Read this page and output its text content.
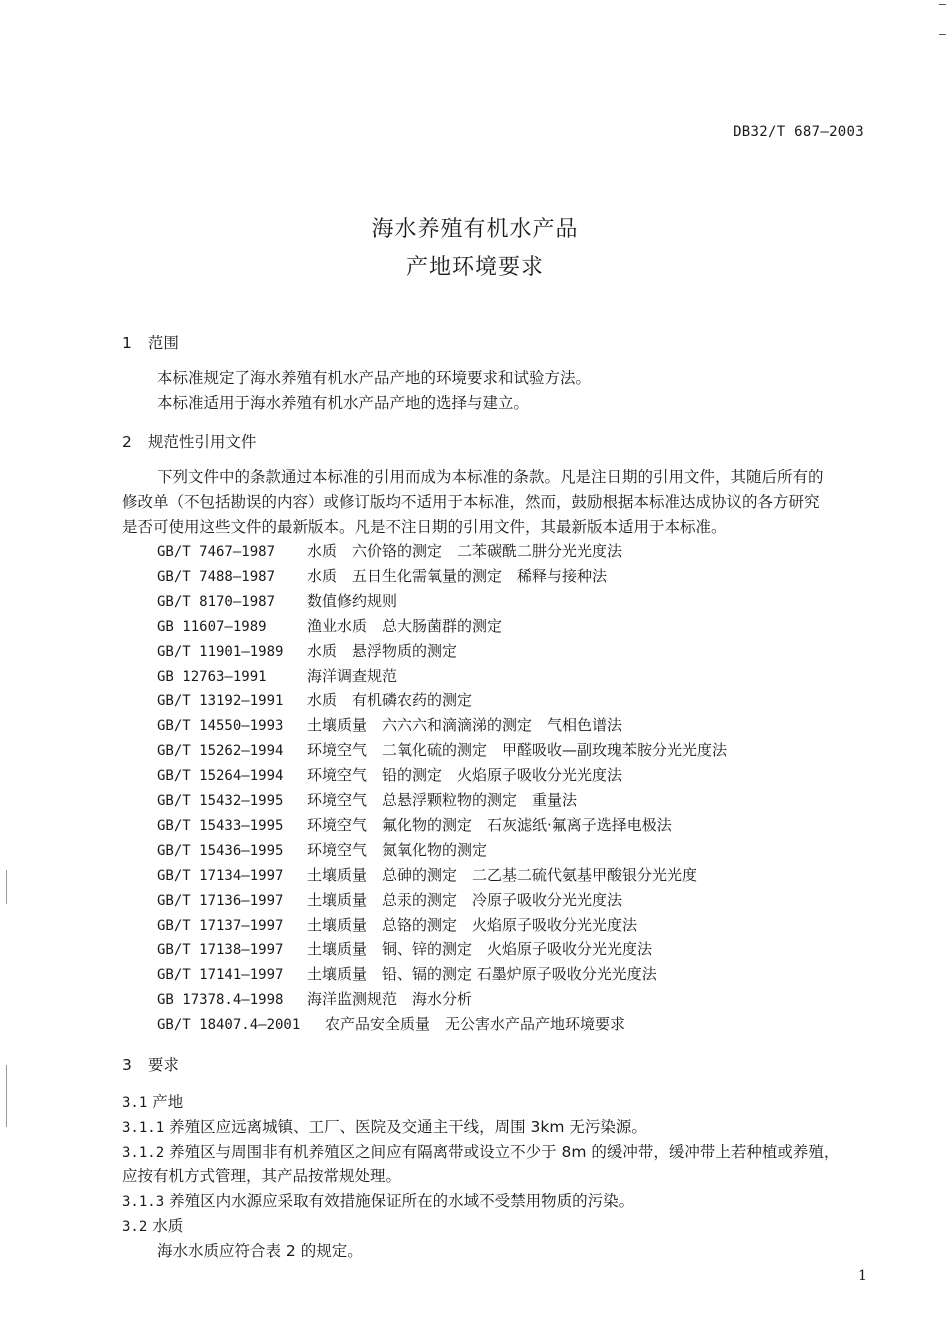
DB32/T 687—2003
海水养殖有机水产品
产地环境要求
1 范围
本标准规定了海水养殖有机水产品产地的环境要求和试验方法。
本标准适用于海水养殖有机水产品产地的选择与建立。
2 规范性引用文件
下列文件中的条款通过本标准的引用而成为本标准的条款。凡是注日期的引用文件，其随后所有的
修改单（不包括勘误的内容）或修订版均不适用于本标准，然而，鼓励根据本标准达成协议的各方研究
是否可使用这些文件的最新版本。凡是不注日期的引用文件，其最新版本适用于本标准。
GB/T 7467—1987 水质　六价铬的测定　二苯碳酰二肼分光光度法
GB/T 7488—1987 水质　五日生化需氧量的测定　稀释与接种法
GB/T 8170—1987 数值修约规则
GB 11607—1989	渔业水质　总大肠菌群的测定
GB/T 11901—1989 水质　悬浮物质的测定
GB 12763—1991	海洋调查规范
GB/T 13192—1991 水质　有机磷农药的测定
GB/T 14550—1993 土壤质量　六六六和滴滴涕的测定　气相色谱法
GB/T 15262—1994 环境空气　二氧化硫的测定　甲醛吸收—副玫瑰苯胺分光光度法
GB/T 15264—1994 环境空气　铅的测定　火焰原子吸收分光光度法
GB/T 15432—1995 环境空气　总悬浮颗粒物的测定　重量法
GB/T 15433—1995 环境空气　氟化物的测定　石灰滤纸·氟离子选择电极法
GB/T 15436—1995 环境空气　氮氧化物的测定
GB/T 17134—1997 土壤质量　总砷的测定　二乙基二硫代氨基甲酸银分光光度
GB/T 17136—1997 土壤质量　总汞的测定　冷原子吸收分光光度法
GB/T 17137—1997 土壤质量　总铬的测定　火焰原子吸收分光光度法
GB/T 17138—1997 土壤质量　铜、锌的测定　火焰原子吸收分光光度法
GB/T 17141—1997 土壤质量　铅、镉的测定 石墨炉原子吸收分光光度法
GB 17378.4—1998 海洋监测规范　海水分析
GB/T 18407.4—2001 农产品安全质量　无公害水产品产地环境要求
3 要求
3.1 产地
3.1.1 养殖区应远离城镇、工厂、医院及交通主干线，周围 3km 无污染源。
3.1.2 养殖区与周围非有机养殖区之间应有隔离带或设立不少于 8m 的缓冲带，缓冲带上若种植或养殖，
应按有机方式管理，其产品按常规处理。
3.1.3 养殖区内水源应采取有效措施保证所在的水域不受禁用物质的污染。
3.2 水质
海水水质应符合表 2 的规定。
1
